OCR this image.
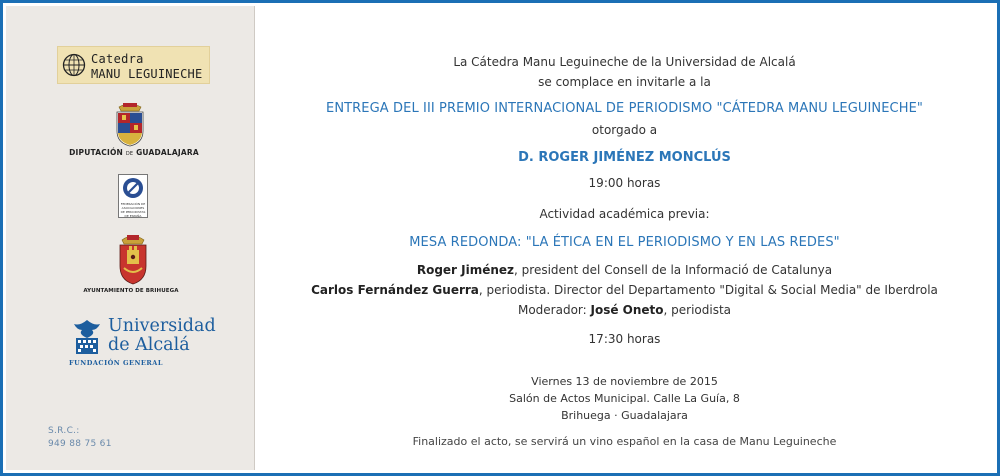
Catedra
MANU LEGUINECHE
DIPUTACIÓN DE GUADALAJARA
FEDERACIÓN DE ASOCIACIONES DE PERIODISTAS DE ESPAÑA
AYUNTAMIENTO DE BRIHUEGA
Universidad
de Alcalá
FUNDACIÓN GENERAL
S.R.C.:
949 88 75 61
La Cátedra Manu Leguineche de la Universidad de Alcalá
se complace en invitarle a la
ENTREGA DEL III PREMIO INTERNACIONAL DE PERIODISMO "CÁTEDRA MANU LEGUINECHE"
otorgado a
D. ROGER JIMÉNEZ MONCLÚS
19:00 horas
Actividad académica previa:
MESA REDONDA: "LA ÉTICA EN EL PERIODISMO Y EN LAS REDES"
Roger Jiménez, president del Consell de la Informació de Catalunya
Carlos Fernández Guerra, periodista. Director del Departamento "Digital & Social Media" de Iberdrola
Moderador: José Oneto, periodista
17:30 horas
Viernes 13 de noviembre de 2015
Salón de Actos Municipal. Calle La Guía, 8
Brihuega · Guadalajara
Finalizado el acto, se servirá un vino español en la casa de Manu Leguineche
